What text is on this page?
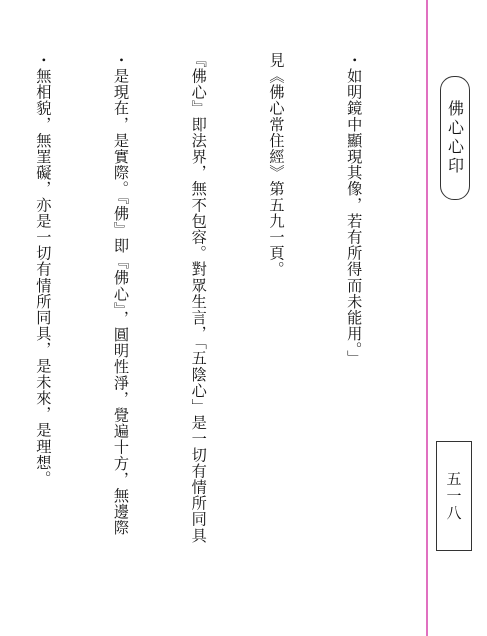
佛心心印
五一八

・如明鏡中顯現其像，若有所得而未能用。」

見《佛心常住經》第五九一頁。

『佛心』即法界，無不包容。對眾生言，「五陰心」是一切有情所同具

・是現在，是實際。『佛』即『佛心』，圓明性淨，覺遍十方，無邊際

・無相貌，無罣礙，亦是一切有情所同具，是未來，是理想。
